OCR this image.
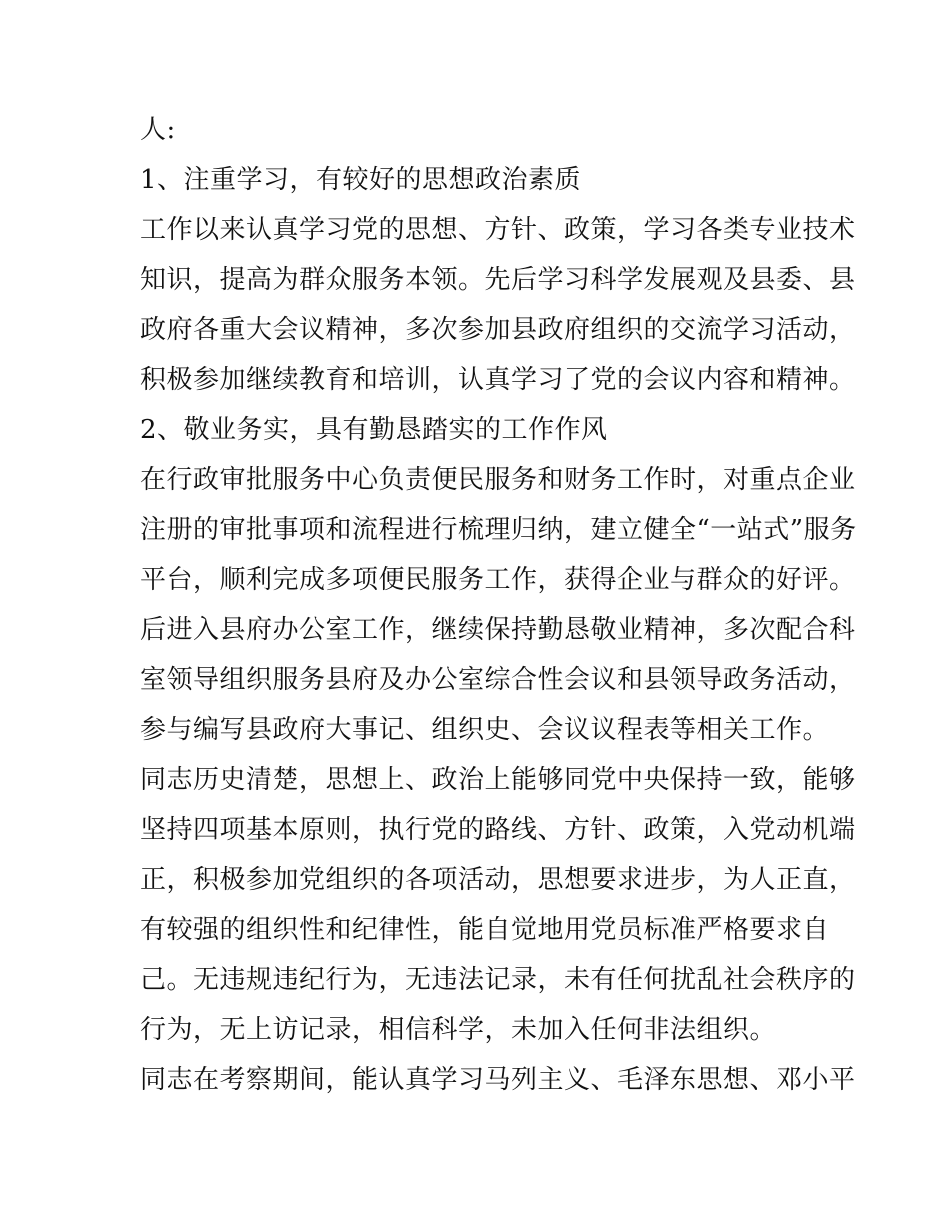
人:
1、注重学习，有较好的思想政治素质
工作以来认真学习党的思想、方针、政策，学习各类专业技术
知识，提高为群众服务本领。先后学习科学发展观及县委、县
政府各重大会议精神，多次参加县政府组织的交流学习活动，
积极参加继续教育和培训，认真学习了党的会议内容和精神。
2、敬业务实，具有勤恳踏实的工作作风
在行政审批服务中心负责便民服务和财务工作时，对重点企业
注册的审批事项和流程进行梳理归纳，建立健全“一站式”服务
平台，顺利完成多项便民服务工作，获得企业与群众的好评。
后进入县府办公室工作，继续保持勤恳敬业精神，多次配合科
室领导组织服务县府及办公室综合性会议和县领导政务活动，
参与编写县政府大事记、组织史、会议议程表等相关工作。
同志历史清楚，思想上、政治上能够同党中央保持一致，能够
坚持四项基本原则，执行党的路线、方针、政策，入党动机端
正，积极参加党组织的各项活动，思想要求进步，为人正直，
有较强的组织性和纪律性，能自觉地用党员标准严格要求自
己。无违规违纪行为，无违法记录，未有任何扰乱社会秩序的
行为，无上访记录，相信科学，未加入任何非法组织。
同志在考察期间，能认真学习马列主义、毛泽东思想、邓小平
